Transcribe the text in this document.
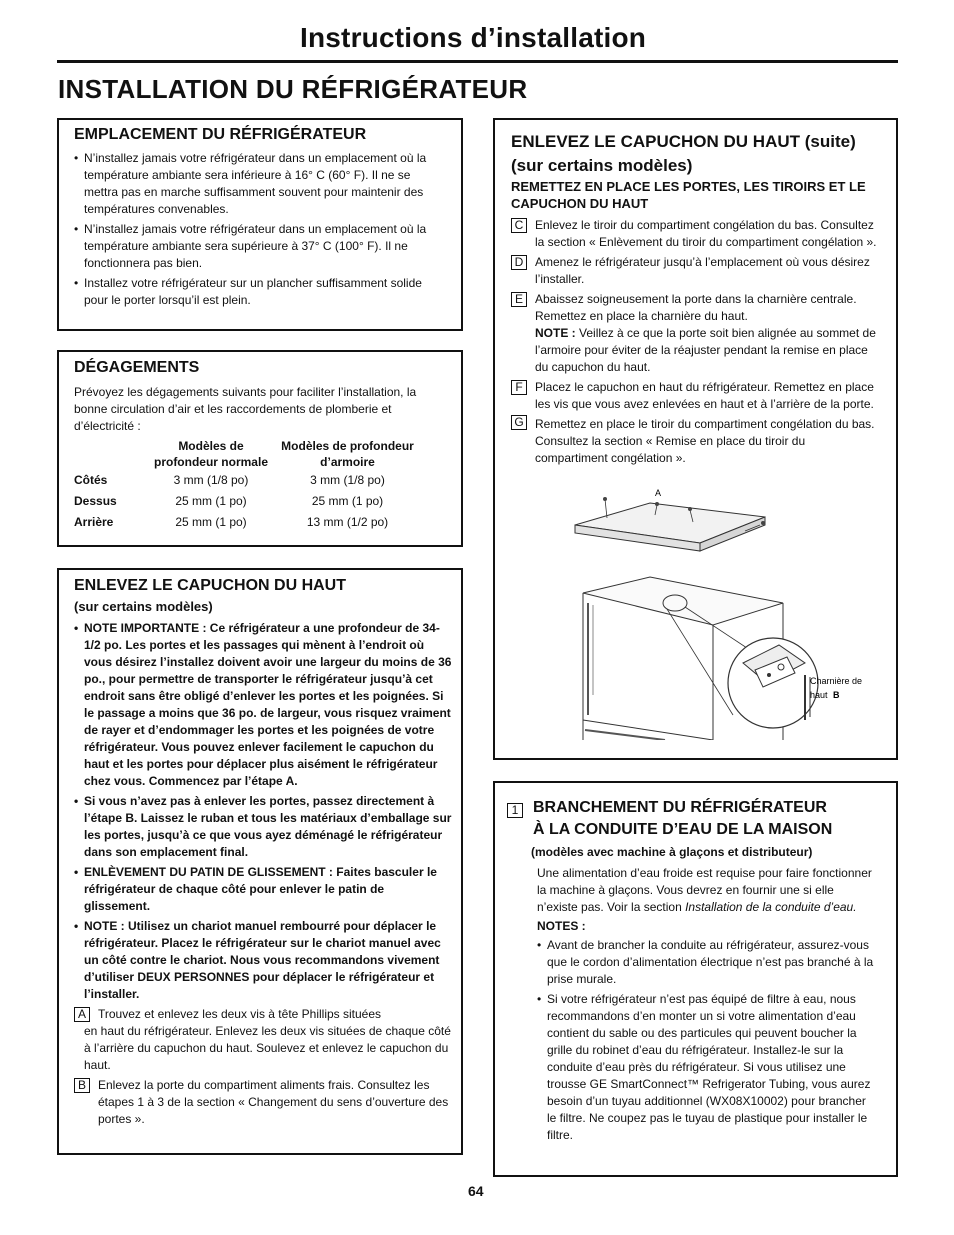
Instructions d’installation
INSTALLATION DU RÉFRIGÉRATEUR
EMPLACEMENT DU RÉFRIGÉRATEUR
• N’installez jamais votre réfrigérateur dans un emplacement où la température ambiante sera inférieure à 16° C (60° F). Il ne se mettra pas en marche suffisamment souvent pour maintenir des températures convenables.
• N’installez jamais votre réfrigérateur dans un emplacement où la température ambiante sera supérieure à 37° C (100° F). Il ne fonctionnera pas bien.
• Installez votre réfrigérateur sur un plancher suffisamment solide pour le porter lorsqu’il est plein.
DÉGAGEMENTS
Prévoyez les dégagements suivants pour faciliter l’installation, la bonne circulation d’air et les raccordements de plomberie et d’électricité :
	Modèles de profondeur normale	Modèles de profondeur d’armoire
Côtés	3 mm (1/8 po)	3 mm (1/8 po)
Dessus	25 mm (1 po)	25 mm (1 po)
Arrière	25 mm (1 po)	13 mm (1/2 po)
ENLEVEZ LE CAPUCHON DU HAUT
(sur certains modèles)
• NOTE IMPORTANTE : Ce réfrigérateur a une profondeur de 34-1/2 po. Les portes et les passages qui mènent à l’endroit où vous désirez l’installez doivent avoir une largeur du moins de 36 po., pour permettre de transporter le réfrigérateur jusqu’à cet endroit sans être obligé d’enlever les portes et les poignées. Si le passage a moins que 36 po. de largeur, vous risquez vraiment de rayer et d’endommager les portes et les poignées de votre réfrigérateur. Vous pouvez enlever facilement le capuchon du haut et les portes pour déplacer plus aisément le réfrigérateur chez vous. Commencez par l’étape A.
• Si vous n’avez pas à enlever les portes, passez directement à l’étape B. Laissez le ruban et tous les matériaux d’emballage sur les portes, jusqu’à ce que vous ayez déménagé le réfrigérateur dans son emplacement final.
• ENLÈVEMENT DU PATIN DE GLISSEMENT : Faites basculer le réfrigérateur de chaque côté pour enlever le patin de glissement.
• NOTE : Utilisez un chariot manuel rembourré pour déplacer le réfrigérateur. Placez le réfrigérateur sur le chariot manuel avec un côté contre le chariot. Nous vous recommandons vivement d’utiliser DEUX PERSONNES pour déplacer le réfrigérateur et l’installer.
A	Trouvez et enlevez les deux vis à tête Phillips situées
en haut du réfrigérateur. Enlevez les deux vis situées de chaque côté à l’arrière du capuchon du haut. Soulevez et enlevez le capuchon du haut.
B	Enlevez la porte du compartiment aliments frais. Consultez les étapes 1 à 3 de la section « Changement du sens d’ouverture des portes ».
ENLEVEZ LE CAPUCHON DU HAUT (suite) (sur certains modèles)
REMETTEZ EN PLACE LES PORTES, LES TIROIRS ET LE CAPUCHON DU HAUT
C Enlevez le tiroir du compartiment congélation du bas. Consultez la section « Enlèvement du tiroir du compartiment congélation ».
D Amenez le réfrigérateur jusqu’à l’emplacement où vous désirez l’installer.
E	Abaissez soigneusement la porte dans la charnière centrale. Remettez en place la charnière du haut.
NOTE : Veillez à ce que la porte soit bien alignée au sommet de l’armoire pour éviter de la réajuster pendant la remise en place du capuchon du haut.
F
G
Placez le capuchon en haut du réfrigérateur. Remettez en place les vis que vous avez enlevées en haut et à l’arrière de la porte.
Remettez en place le tiroir du compartiment congélation du bas. Consultez la section « Remise en place du tiroir du compartiment congélation ».
A
Charnière de
haut B
1 BRANCHEMENT DU RÉFRIGÉRATEUR
À LA CONDUITE D’EAU DE LA MAISON
(modèles avec machine à glaçons et distributeur)
Une alimentation d’eau froide est requise pour faire fonctionner la machine à glaçons. Vous devrez en fournir une si elle n’existe pas. Voir la section Installation de la conduite d’eau.
NOTES :
• Avant de brancher la conduite au réfrigérateur, assurez-vous que le cordon d’alimentation électrique n’est pas branché à la prise murale.
• Si votre réfrigérateur n’est pas équipé de filtre à eau, nous recommandons d’en monter un si votre alimentation d’eau contient du sable ou des particules qui peuvent boucher la grille du robinet d’eau du réfrigérateur. Installez-le sur la conduite d’eau près du réfrigérateur. Si vous utilisez une trousse GE SmartConnect™ Refrigerator Tubing, vous aurez besoin d’un tuyau additionnel (WX08X10002) pour brancher le filtre. Ne coupez pas le tuyau de plastique pour installer le filtre.
64
